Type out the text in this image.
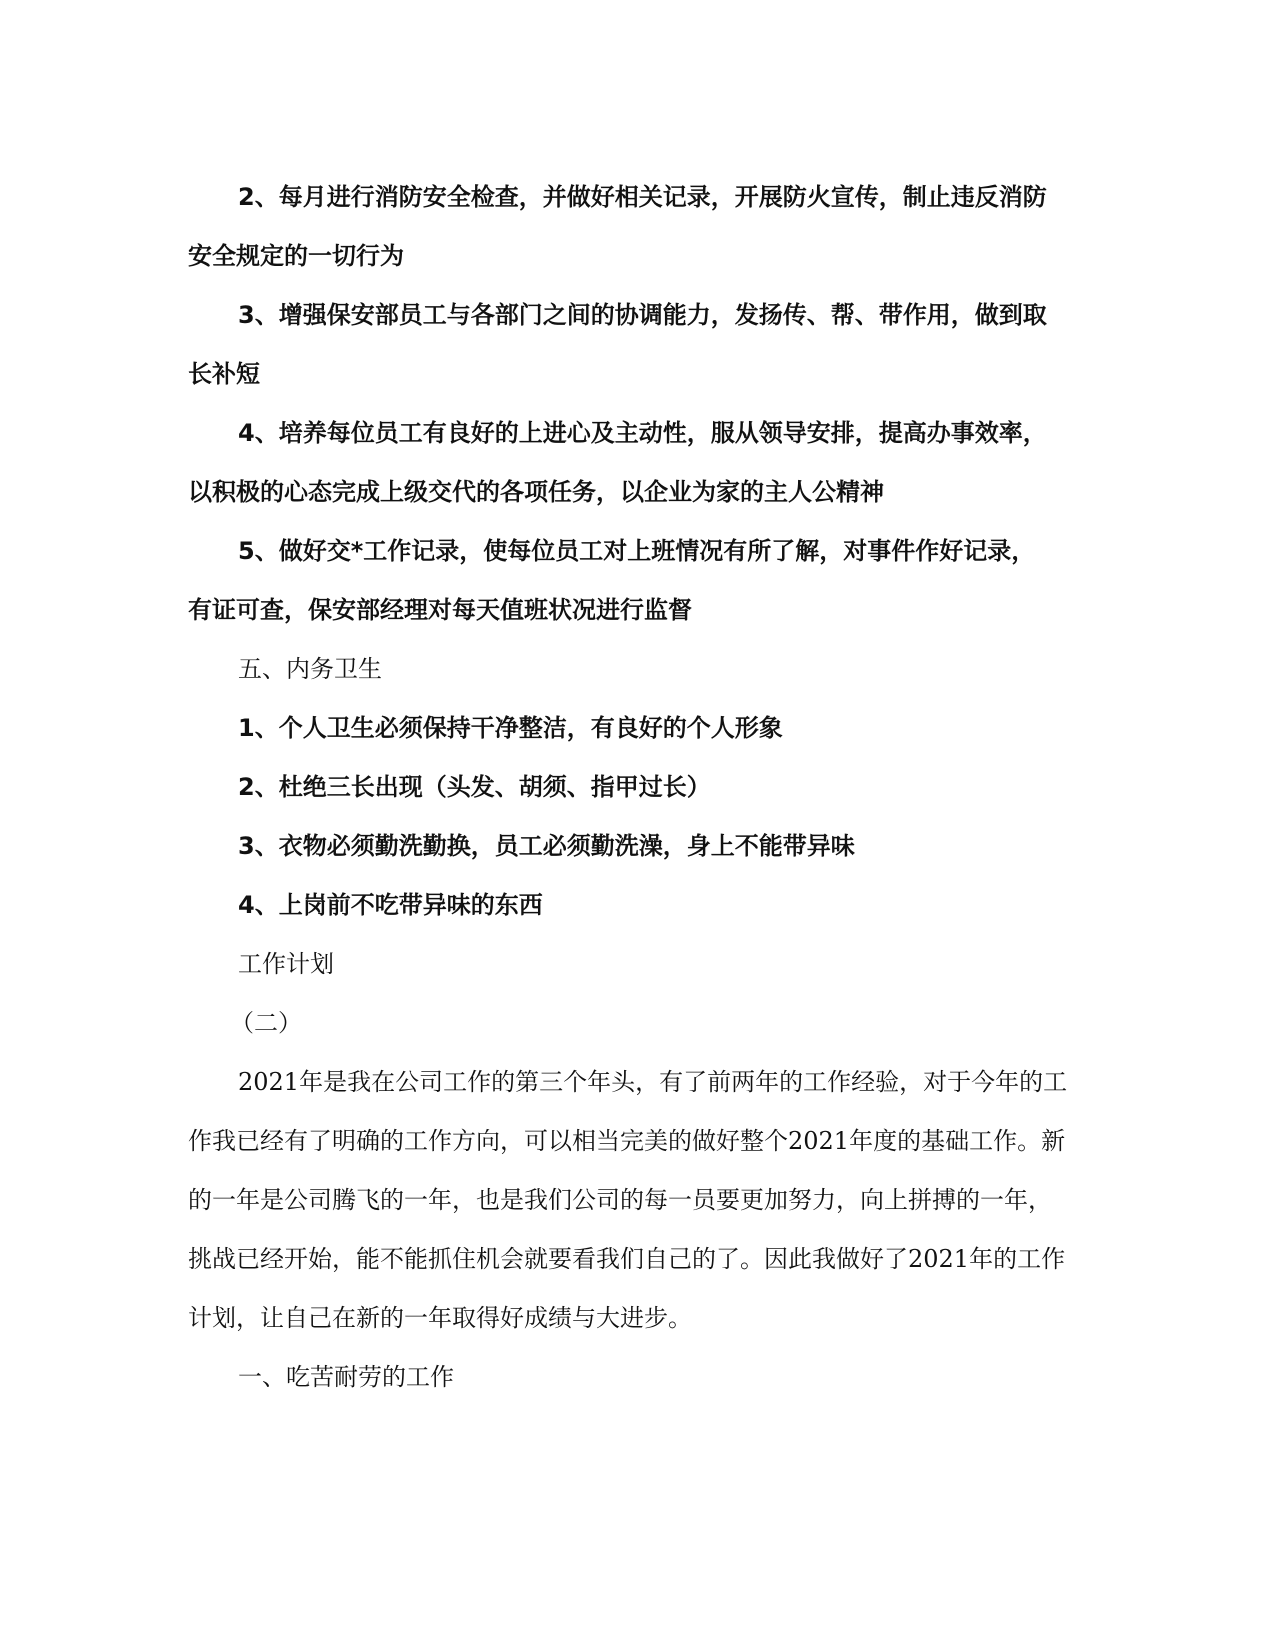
2、每月进行消防安全检查，并做好相关记录，开展防火宣传，制止违反消防

安全规定的一切行为

3、增强保安部员工与各部门之间的协调能力，发扬传、帮、带作用，做到取

长补短

4、培养每位员工有良好的上进心及主动性，服从领导安排，提高办事效率，

以积极的心态完成上级交代的各项任务，以企业为家的主人公精神

5、做好交*工作记录，使每位员工对上班情况有所了解，对事件作好记录，

有证可查，保安部经理对每天值班状况进行监督

五、内务卫生

1、个人卫生必须保持干净整洁，有良好的个人形象

2、杜绝三长出现（头发、胡须、指甲过长）

3、衣物必须勤洗勤换，员工必须勤洗澡，身上不能带异味

4、上岗前不吃带异味的东西

工作计划

（二）

2021年是我在公司工作的第三个年头，有了前两年的工作经验，对于今年的工

作我已经有了明确的工作方向，可以相当完美的做好整个2021年度的基础工作。新

的一年是公司腾飞的一年，也是我们公司的每一员要更加努力，向上拼搏的一年，

挑战已经开始，能不能抓住机会就要看我们自己的了。因此我做好了2021年的工作

计划，让自己在新的一年取得好成绩与大进步。

一、吃苦耐劳的工作
